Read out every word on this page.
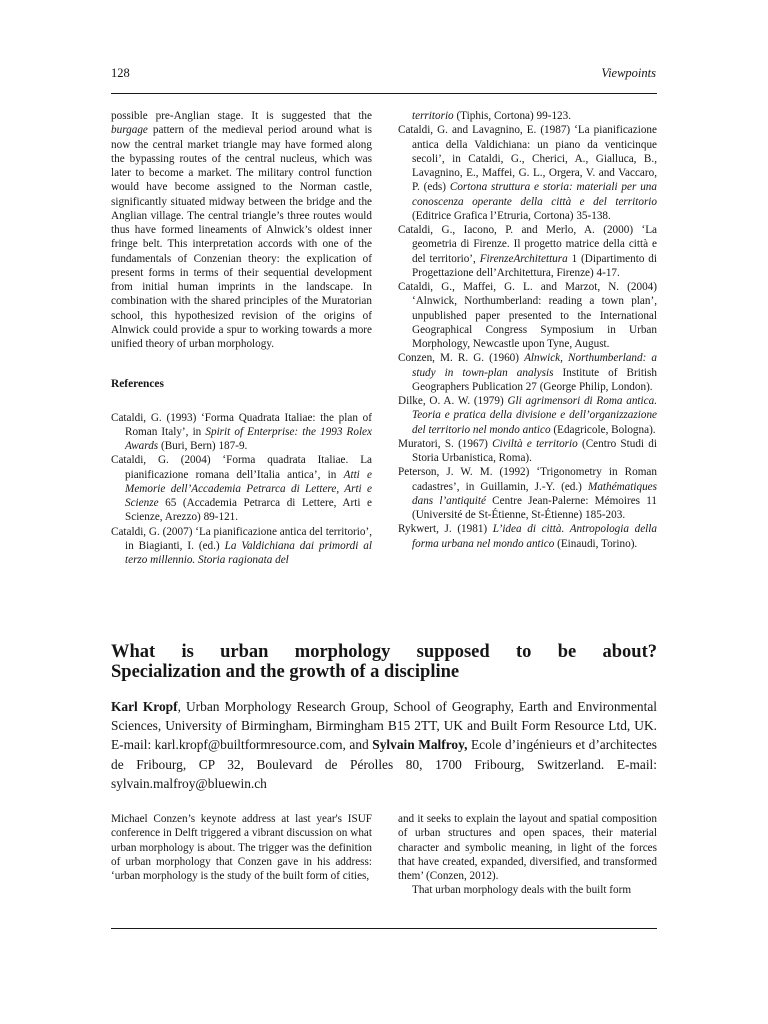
128	Viewpoints

possible pre-Anglian stage. It is suggested that the burgage pattern of the medieval period around what is now the central market triangle may have formed along the bypassing routes of the central nucleus, which was later to become a market. The military control function would have become assigned to the Norman castle, significantly situated midway between the bridge and the Anglian village. The central triangle’s three routes would thus have formed lineaments of Alnwick’s oldest inner fringe belt. This interpretation accords with one of the fundamentals of Conzenian theory: the explication of present forms in terms of their sequential development from initial human imprints in the landscape. In combination with the shared principles of the Muratorian school, this hypothesized revision of the origins of Alnwick could provide a spur to working towards a more unified theory of urban morphology.

References

Cataldi, G. (1993) ‘Forma Quadrata Italiae: the plan of Roman Italy’, in Spirit of Enterprise: the 1993 Rolex Awards (Buri, Bern) 187-9.

Cataldi, G. (2004) ‘Forma quadrata Italiae. La pianificazione romana dell’Italia antica’, in Atti e Memorie dell’Accademia Petrarca di Lettere, Arti e Scienze 65 (Accademia Petrarca di Lettere, Arti e Scienze, Arezzo) 89-121.

Cataldi, G. (2007) ‘La pianificazione antica del territorio’, in Biagianti, I. (ed.) La Valdichiana dai primordi al terzo millennio. Storia ragionata del

territorio (Tiphis, Cortona) 99-123.

Cataldi, G. and Lavagnino, E. (1987) ‘La pianificazione antica della Valdichiana: un piano da venticinque secoli’, in Cataldi, G., Cherici, A., Gialluca, B., Lavagnino, E., Maffei, G. L., Orgera, V. and Vaccaro, P. (eds) Cortona struttura e storia: materiali per una conoscenza operante della città e del territorio (Editrice Grafica l’Etruria, Cortona) 35-138.

Cataldi, G., Iacono, P. and Merlo, A. (2000) ‘La geometria di Firenze. Il progetto matrice della città e del territorio’, FirenzeArchitettura 1 (Dipartimento di Progettazione dell’Architettura, Firenze) 4-17.

Cataldi, G., Maffei, G. L. and Marzot, N. (2004) ‘Alnwick, Northumberland: reading a town plan’, unpublished paper presented to the International Geographical Congress Symposium in Urban Morphology, Newcastle upon Tyne, August.

Conzen, M. R. G. (1960) Alnwick, Northumberland: a study in town-plan analysis Institute of British Geographers Publication 27 (George Philip, London).

Dilke, O. A. W. (1979) Gli agrimensori di Roma antica. Teoria e pratica della divisione e dell’organizzazione del territorio nel mondo antico (Edagricole, Bologna).

Muratori, S. (1967) Civiltà e territorio (Centro Studi di Storia Urbanistica, Roma).

Peterson, J. W. M. (1992) ‘Trigonometry in Roman cadastres’, in Guillamin, J.-Y. (ed.) Mathématiques dans l’antiquité Centre Jean-Palerne: Mémoires 11 (Université de St-Étienne, St-Étienne) 185-203.

Rykwert, J. (1981) L’idea di città. Antropologia della forma urbana nel mondo antico (Einaudi, Torino).

What is urban morphology supposed to be about?
Specialization and the growth of a discipline

Karl Kropf, Urban Morphology Research Group, School of Geography, Earth and Environmental Sciences, University of Birmingham, Birmingham B15 2TT, UK and Built Form Resource Ltd, UK. E-mail: karl.kropf@builtformresource.com, and Sylvain Malfroy, Ecole d’ingénieurs et d’architectes de Fribourg, CP 32, Boulevard de Pérolles 80, 1700 Fribourg, Switzerland. E-mail: sylvain.malfroy@bluewin.ch

Michael Conzen’s keynote address at last year's ISUF conference in Delft triggered a vibrant discussion on what urban morphology is about. The trigger was the definition of urban morphology that Conzen gave in his address: ‘urban morphology is the study of the built form of cities,

and it seeks to explain the layout and spatial composition of urban structures and open spaces, their material character and symbolic meaning, in light of the forces that have created, expanded, diversified, and transformed them’ (Conzen, 2012).

That urban morphology deals with the built form
